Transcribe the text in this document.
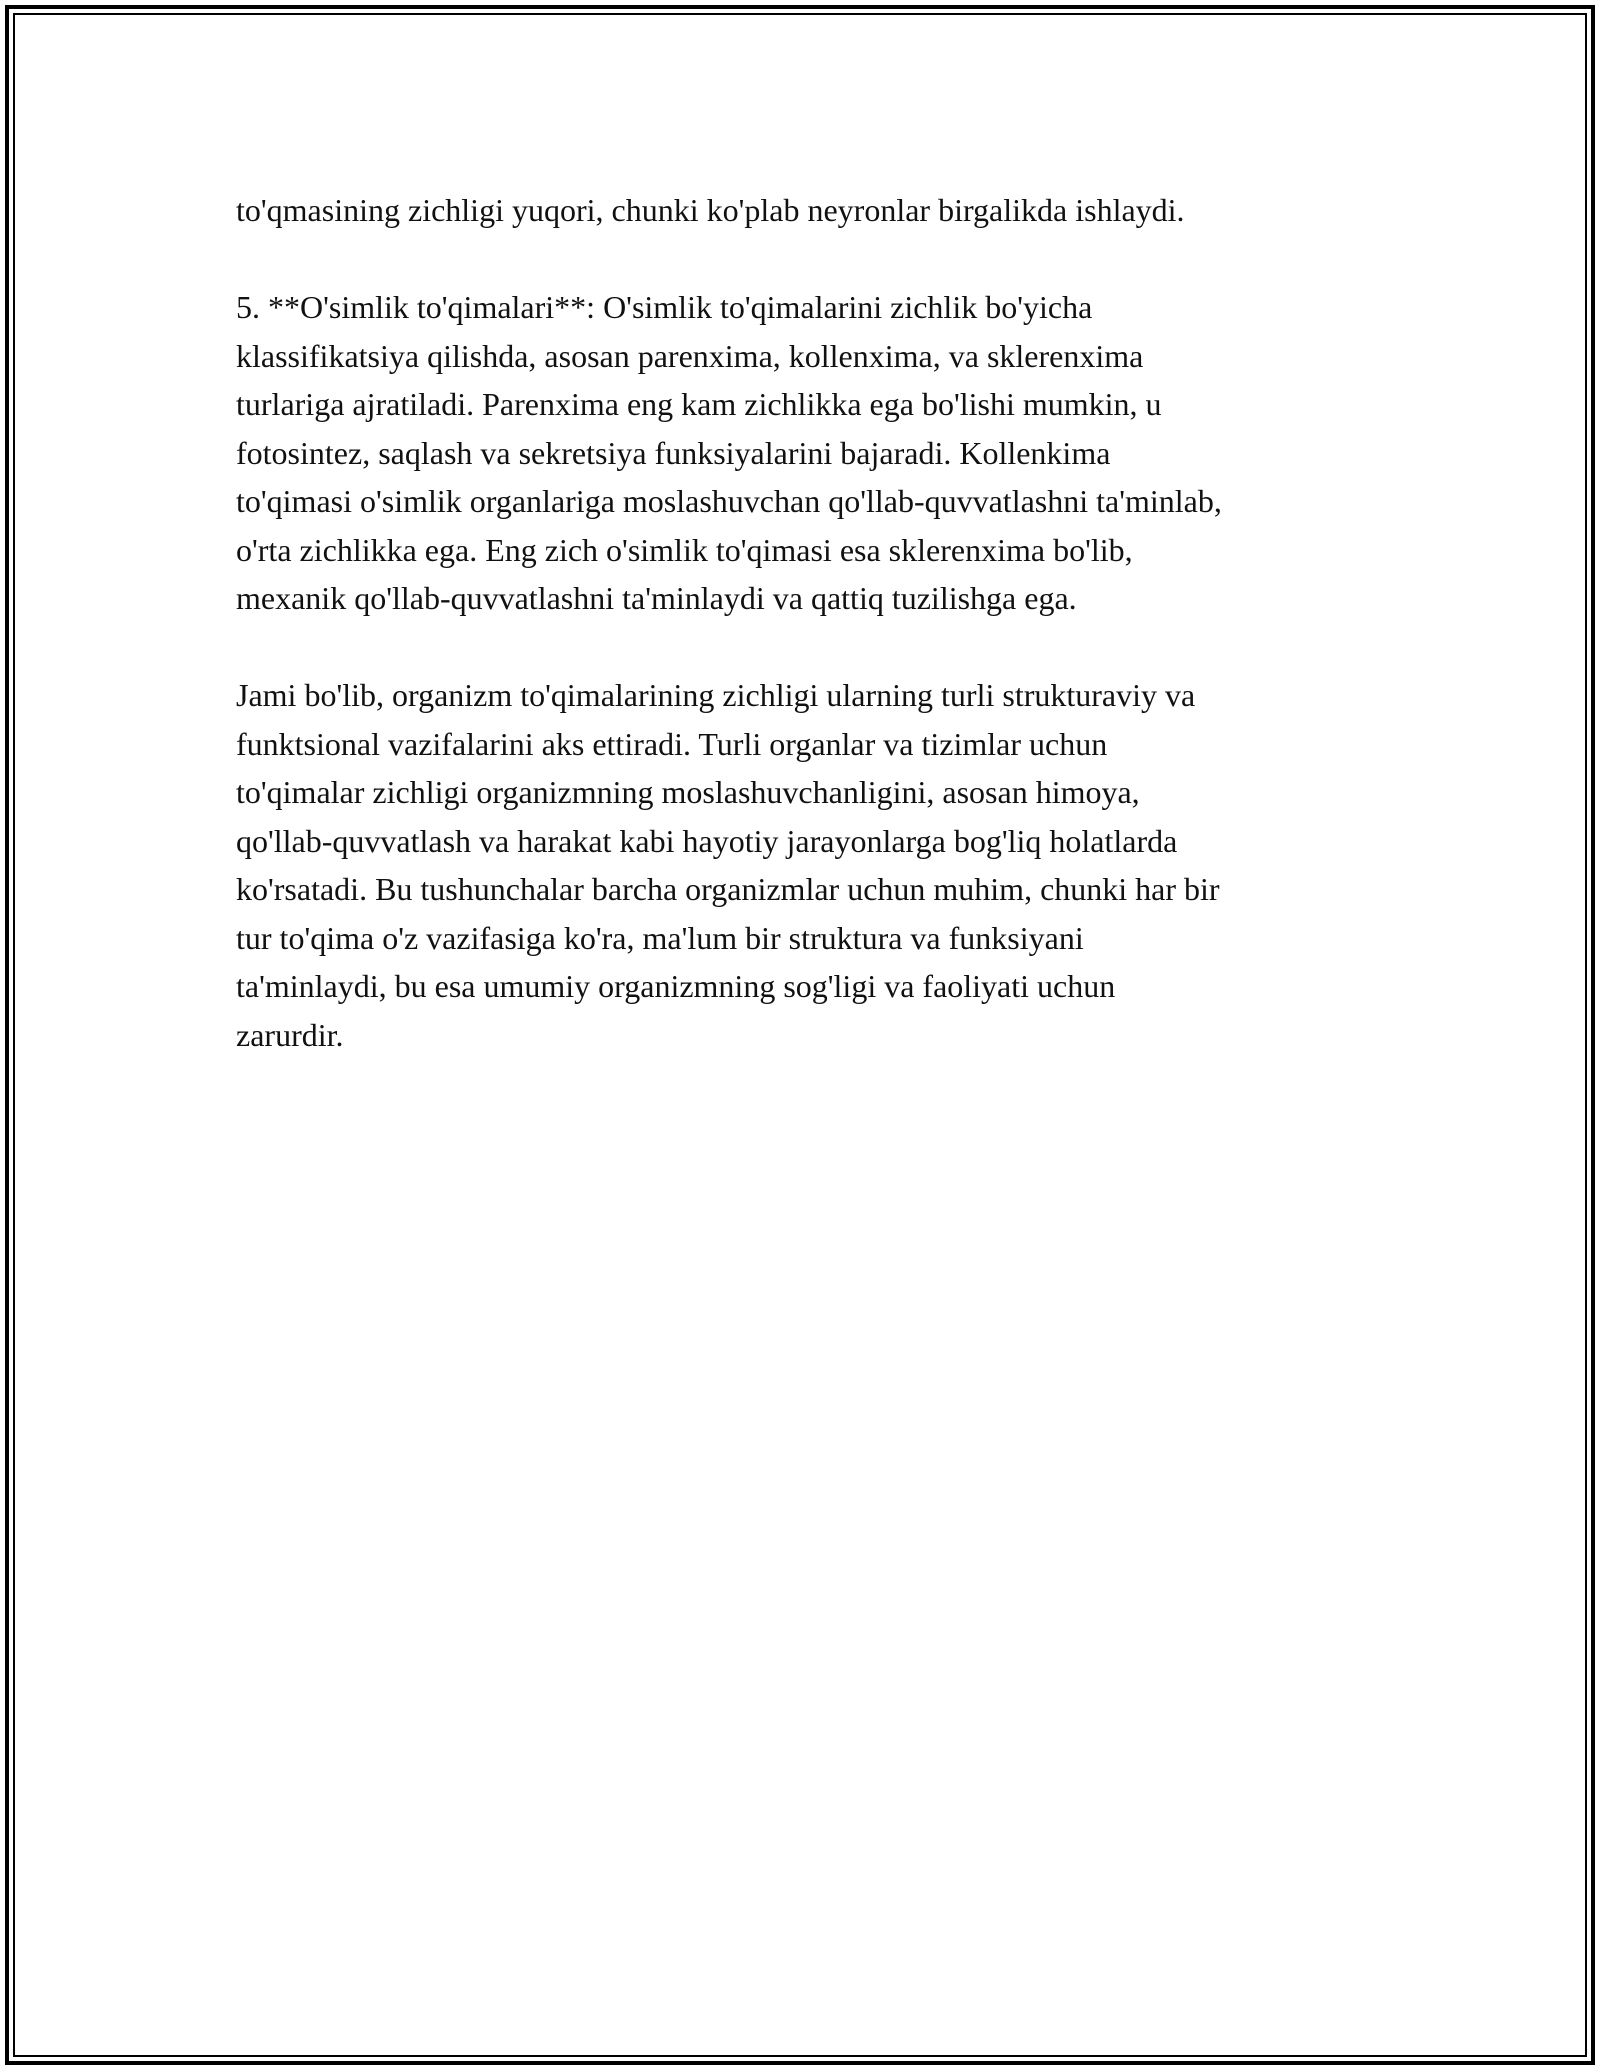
to'qmasining zichligi yuqori, chunki ko'plab neyronlar birgalikda ishlaydi.
5. **O'simlik to'qimalari**: O'simlik to'qimalarini zichlik bo'yicha
klassifikatsiya qilishda, asosan parenxima, kollenxima, va sklerenxima
turlariga ajratiladi. Parenxima eng kam zichlikka ega bo'lishi mumkin, u
fotosintez, saqlash va sekretsiya funksiyalarini bajaradi. Kollenkima
to'qimasi o'simlik organlariga moslashuvchan qo'llab-quvvatlashni ta'minlab,
o'rta zichlikka ega. Eng zich o'simlik to'qimasi esa sklerenxima bo'lib,
mexanik qo'llab-quvvatlashni ta'minlaydi va qattiq tuzilishga ega.
Jami bo'lib, organizm to'qimalarining zichligi ularning turli strukturaviy va
funktsional vazifalarini aks ettiradi. Turli organlar va tizimlar uchun
to'qimalar zichligi organizmning moslashuvchanligini, asosan himoya,
qo'llab-quvvatlash va harakat kabi hayotiy jarayonlarga bog'liq holatlarda
ko'rsatadi. Bu tushunchalar barcha organizmlar uchun muhim, chunki har bir
tur to'qima o'z vazifasiga ko'ra, ma'lum bir struktura va funksiyani
ta'minlaydi, bu esa umumiy organizmning sog'ligi va faoliyati uchun
zarurdir.
